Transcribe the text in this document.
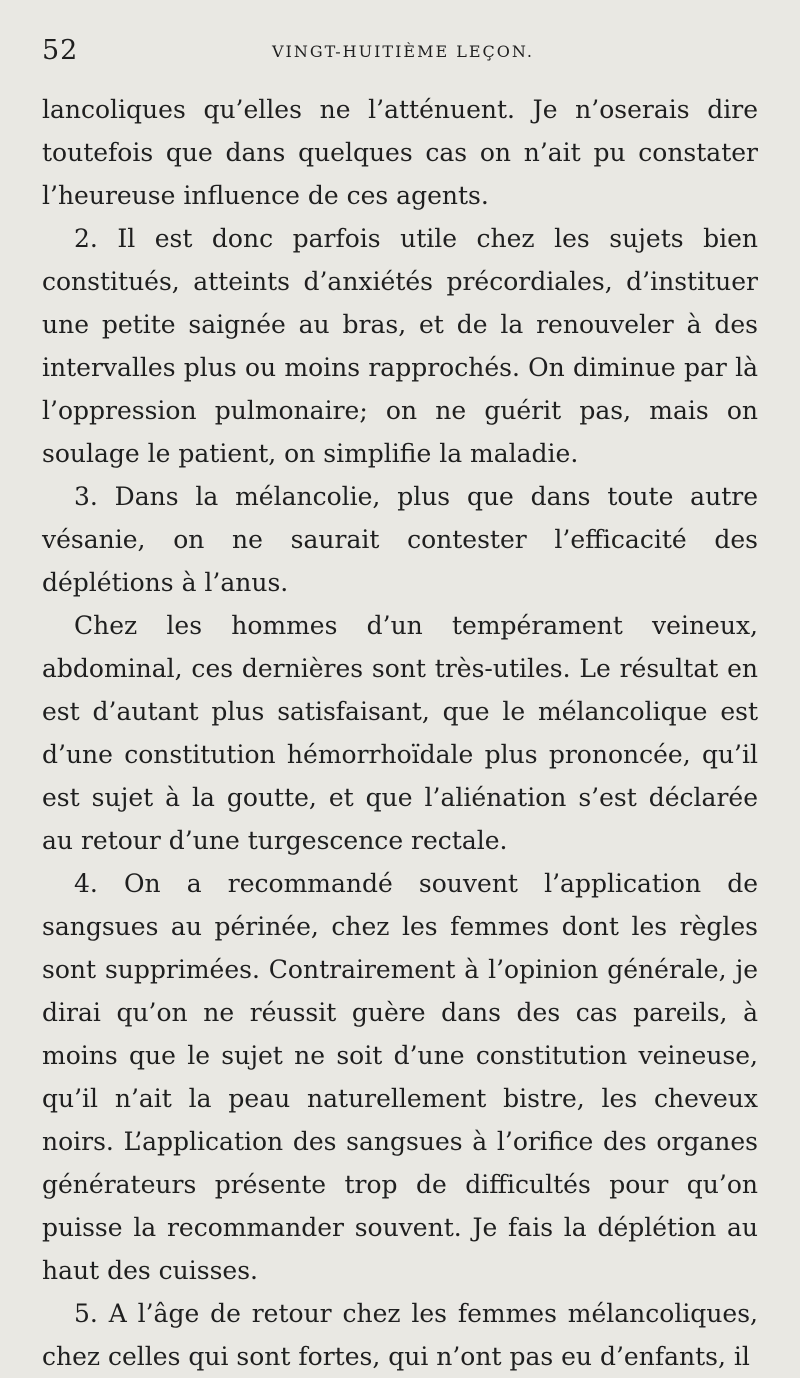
52	VINGT-HUITIÈME LEÇON.

lancoliques qu’elles ne l’atténuent. Je n’oserais dire toutefois que dans quelques cas on n’ait pu constater l’heureuse influence de ces agents.

2. Il est donc parfois utile chez les sujets bien constitués, atteints d’anxiétés précordiales, d’instituer une petite saignée au bras, et de la renouveler à des intervalles plus ou moins rapprochés. On diminue par là l’oppression pulmonaire; on ne guérit pas, mais on soulage le patient, on simplifie la maladie.

3. Dans la mélancolie, plus que dans toute autre vésanie, on ne saurait contester l’efficacité des déplétions à l’anus.

Chez les hommes d’un tempérament veineux, abdominal, ces dernières sont très-utiles. Le résultat en est d’autant plus satisfaisant, que le mélancolique est d’une constitution hémorrhoïdale plus prononcée, qu’il est sujet à la goutte, et que l’aliénation s’est déclarée au retour d’une turgescence rectale.

4. On a recommandé souvent l’application de sangsues au périnée, chez les femmes dont les règles sont supprimées. Contrairement à l’opinion générale, je dirai qu’on ne réussit guère dans des cas pareils, à moins que le sujet ne soit d’une constitution veineuse, qu’il n’ait la peau naturellement bistre, les cheveux noirs. L’application des sangsues à l’orifice des organes générateurs présente trop de difficultés pour qu’on puisse la recommander souvent. Je fais la déplétion au haut des cuisses.

5. A l’âge de retour chez les femmes mélancoliques, chez celles qui sont fortes, qui n’ont pas eu d’enfants, il
